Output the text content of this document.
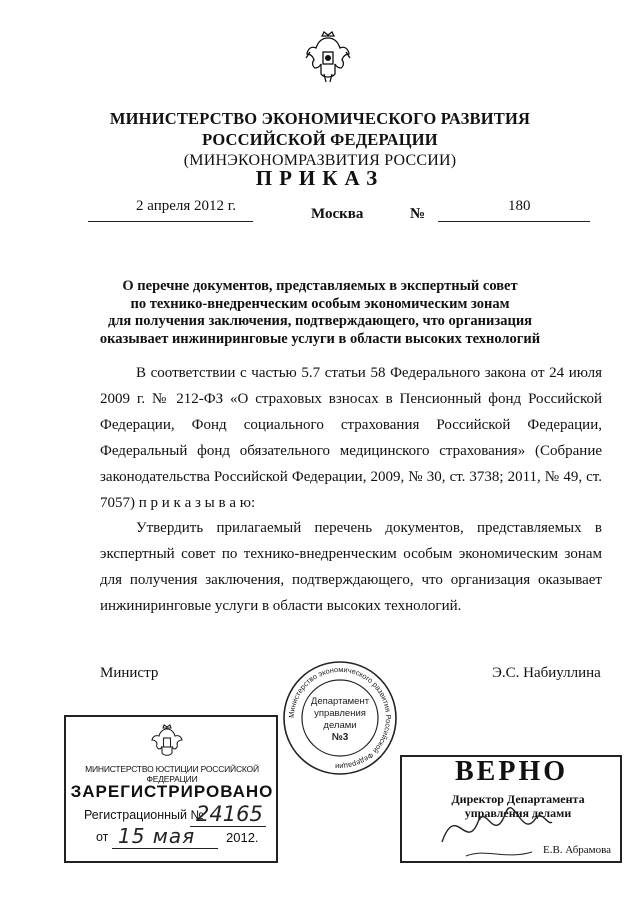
МИНИСТЕРСТВО ЭКОНОМИЧЕСКОГО РАЗВИТИЯ
РОССИЙСКОЙ ФЕДЕРАЦИИ
(МИНЭКОНОМРАЗВИТИЯ РОССИИ)
ПРИКАЗ
2 апреля 2012 г.	Москва	№	180
О перечне документов, представляемых в экспертный совет
по технико-внедренческим особым экономическим зонам
для получения заключения, подтверждающего, что организация
оказывает инжиниринговые услуги в области высоких технологий
В соответствии с частью 5.7 статьи 58 Федерального закона от 24 июля 2009 г. № 212-ФЗ «О страховых взносах в Пенсионный фонд Российской Федерации, Фонд социального страхования Российской Федерации, Федеральный фонд обязательного медицинского страхования» (Собрание законодательства Российской Федерации, 2009, № 30, ст. 3738; 2011, № 49, ст. 7057) п р и к а з ы в а ю:
Утвердить прилагаемый перечень документов, представляемых в экспертный совет по технико-внедренческим особым экономическим зонам для получения заключения, подтверждающего, что организация оказывает инжиниринговые услуги в области высоких технологий.
Министр	Э.С. Набиуллина
Министерство экономического развития Российской Федерации
Департамент
управления
делами
№3
МИНИСТЕРСТВО ЮСТИЦИИ РОССИЙСКОЙ ФЕДЕРАЦИИ
ЗАРЕГИСТРИРОВАНО
Регистрационный №
24165
от 15 мая 2012.
ВЕРНО
Директор Департамента
управления делами
Е.В. Абрамова
